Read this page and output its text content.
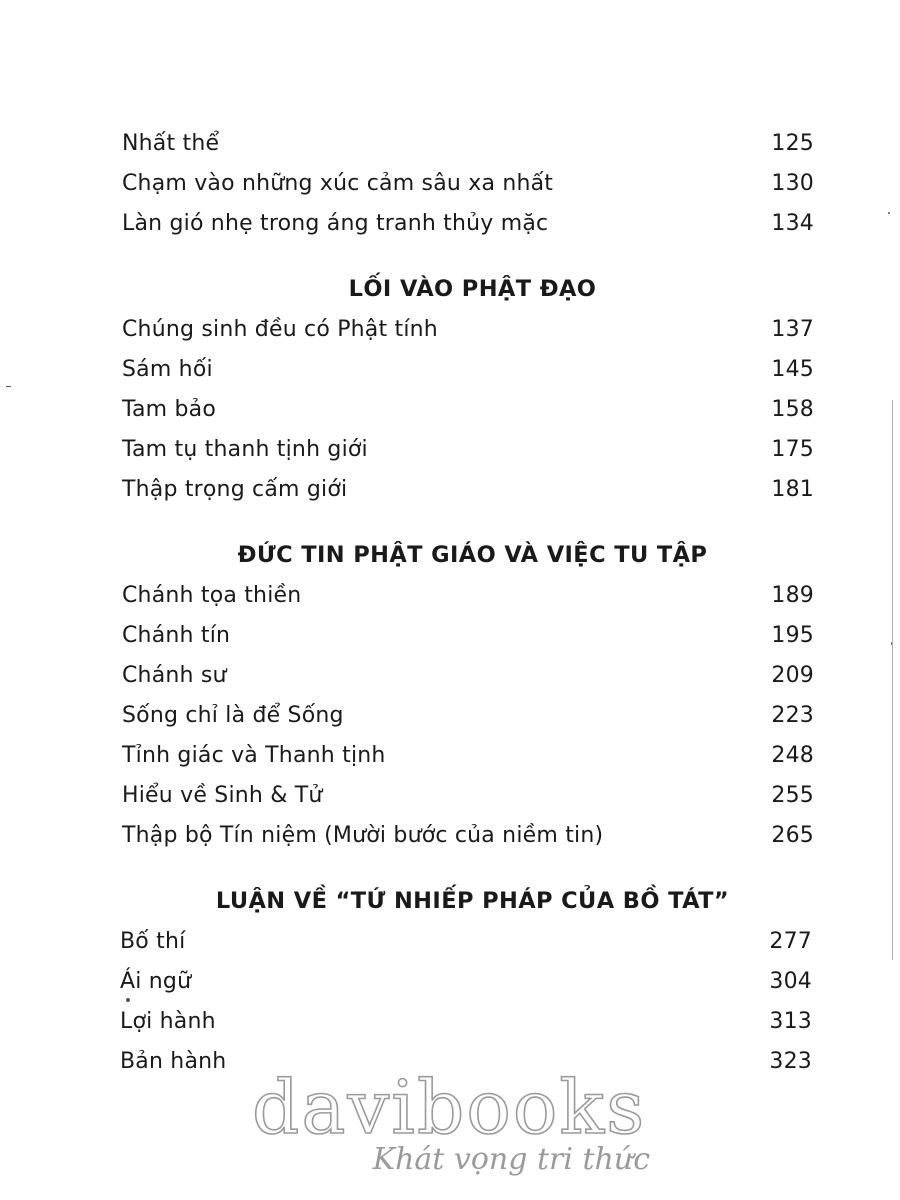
Nhất thể	125
Chạm vào những xúc cảm sâu xa nhất	130
Làn gió nhẹ trong áng tranh thủy mặc	134
LỐI VÀO PHẬT ĐẠO
Chúng sinh đều có Phật tính	137
Sám hối	145
Tam bảo	158
Tam tụ thanh tịnh giới	175
Thập trọng cấm giới	181
ĐỨC TIN PHẬT GIÁO VÀ VIỆC TU TẬP
Chánh tọa thiền	189
Chánh tín	195
Chánh sư	209
Sống chỉ là để Sống	223
Tỉnh giác và Thanh tịnh	248
Hiểu về Sinh & Tử	255
Thập bộ Tín niệm (Mười bước của niềm tin)	265
LUẬN VỀ “TỨ NHIẾP PHÁP CỦA BỒ TÁT”
Bố thí	277
Ái ngữ	304
Lợi hành	313
Bản hành	323
davibooks
Khát vọng tri thức
